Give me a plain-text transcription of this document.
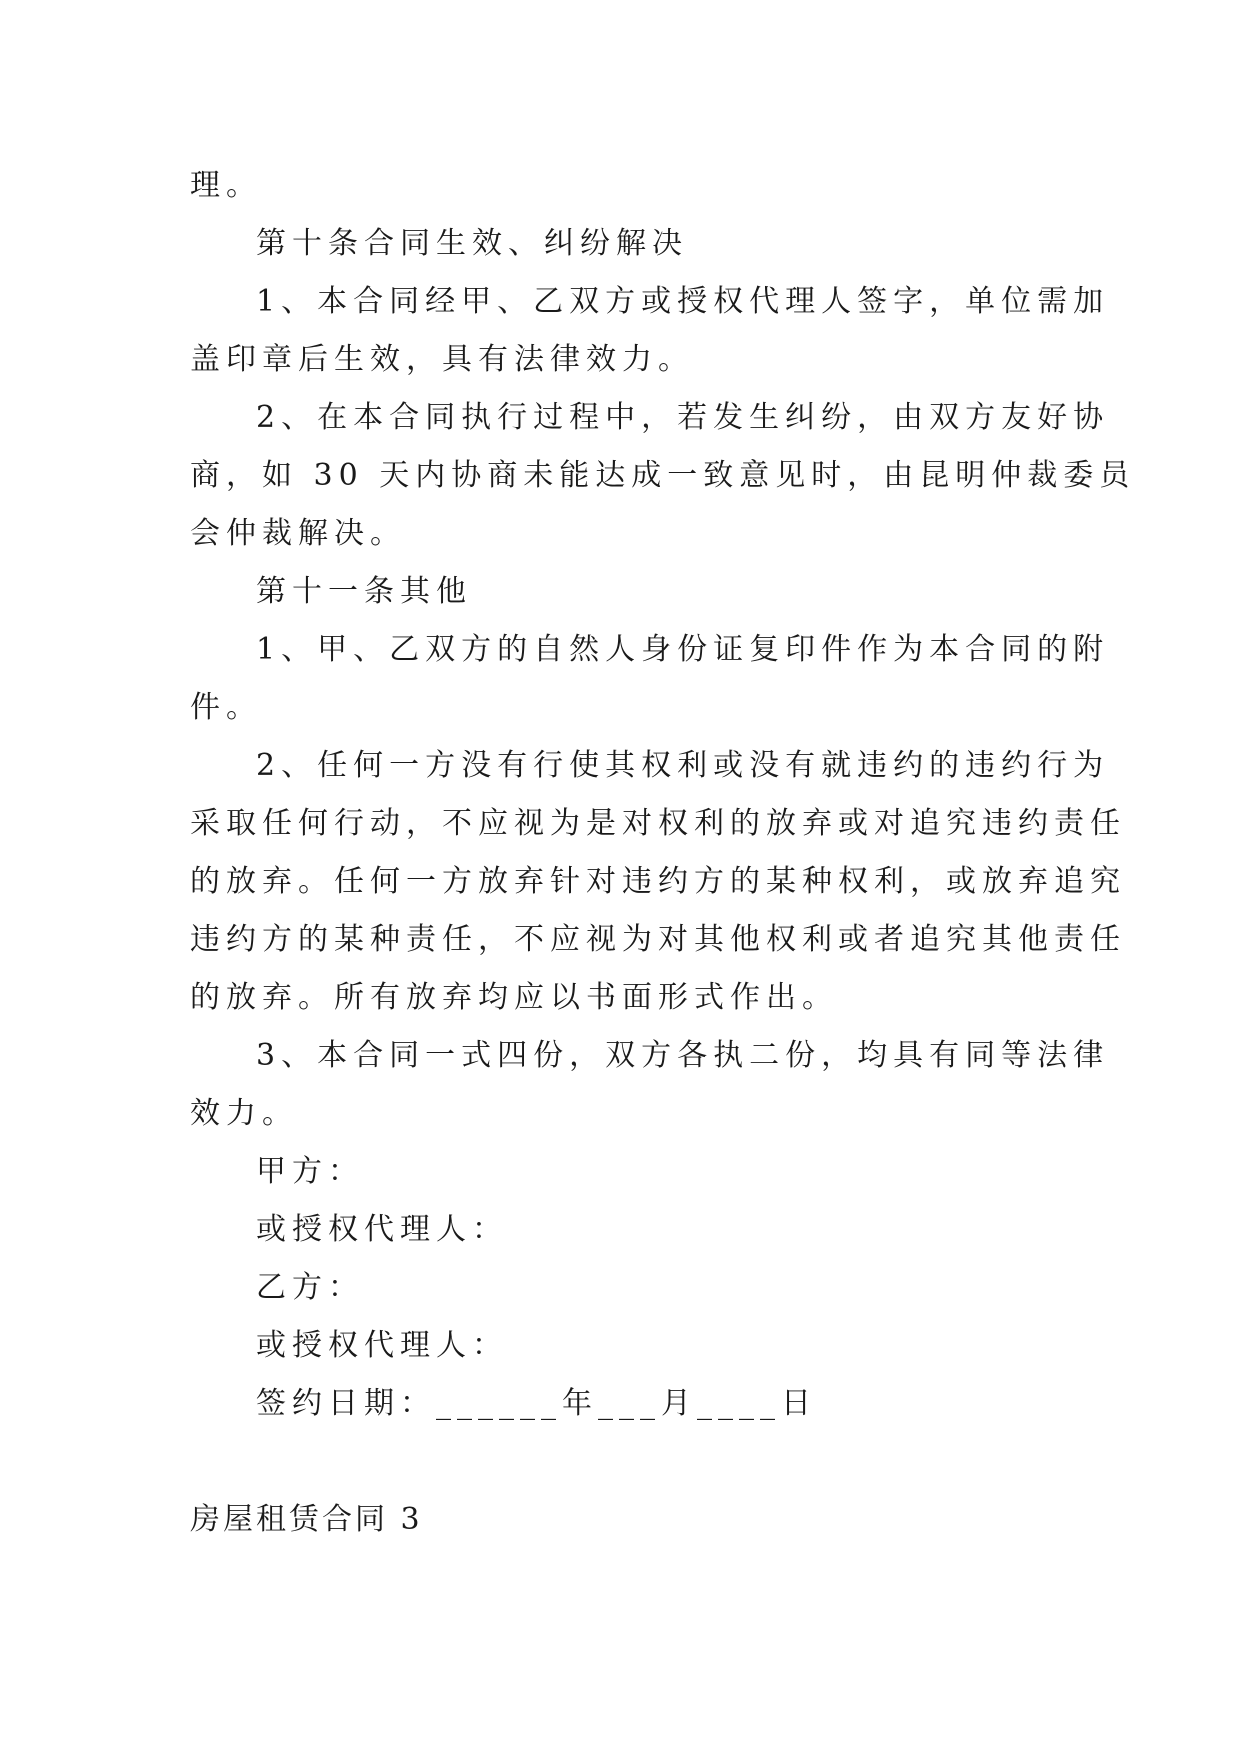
理。
第十条合同生效、纠纷解决
1、本合同经甲、乙双方或授权代理人签字，单位需加
盖印章后生效，具有法律效力。
2、在本合同执行过程中，若发生纠纷，由双方友好协
商，如 30 天内协商未能达成一致意见时，由昆明仲裁委员
会仲裁解决。
第十一条其他
1、甲、乙双方的自然人身份证复印件作为本合同的附
件。
2、任何一方没有行使其权利或没有就违约的违约行为
采取任何行动，不应视为是对权利的放弃或对追究违约责任
的放弃。任何一方放弃针对违约方的某种权利，或放弃追究
违约方的某种责任，不应视为对其他权利或者追究其他责任
的放弃。所有放弃均应以书面形式作出。
3、本合同一式四份，双方各执二份，均具有同等法律
效力。
甲方：
或授权代理人：
乙方：
或授权代理人：
签约日期：______年___月____日
房屋租赁合同 3
